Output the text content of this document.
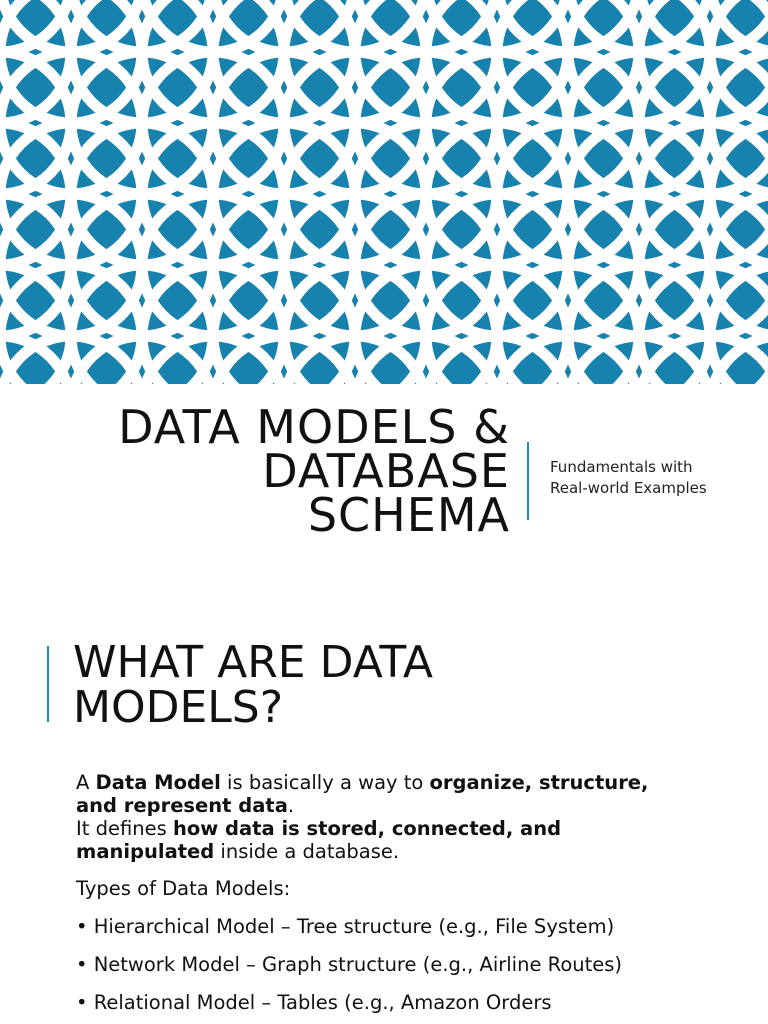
DATA MODELS &
DATABASE
SCHEMA
Fundamentals with
Real-world Examples
WHAT ARE DATA
MODELS?

A Data Model is basically a way to organize, structure, and represent data.

It defines how data is stored, connected, and manipulated inside a database.

Types of Data Models:

• Hierarchical Model – Tree structure (e.g., File System)

• Network Model – Graph structure (e.g., Airline Routes)

• Relational Model – Tables (e.g., Amazon Orders
